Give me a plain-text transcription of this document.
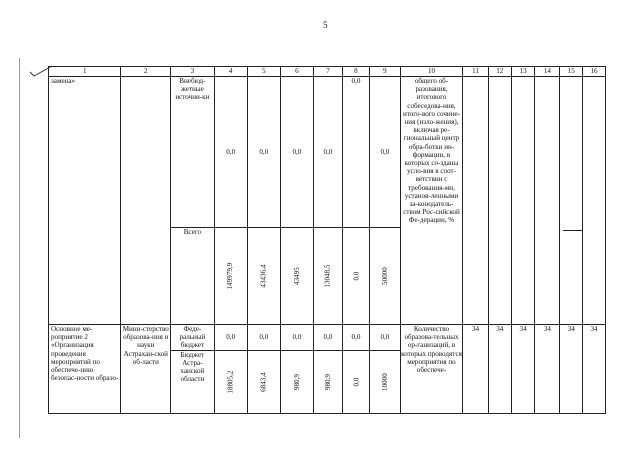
5
1	2	3	4	5	6	7	8	9	10	11	12	13	14	15	16
замена»		Внебюд-жетные источни-ки	0,0	0,0	0,0	0,0	0,0	0,0	общего об-разования, итогового собеседова-ния, итого-вого сочине-ния (изло-жения), включая ре-гиональный центр обра-ботки ин-формации, в которых со-зданы усло-вия в соот-ветствии с требования-ми, установ-ленными за-конодатель-ством Рос-сийской Фе-дерации, %						
		Всего	149979,9	43436,4	43495	13048,5	0,0	50000							

Основное ме-роприятие 2 «Организация проведения мероприятий по обеспече-нию безопас-ности образо-	Мини-стерство образова-ния и науки Астрахан-ской об-ласти	Феде-ральный бюджет	0,0	0,0	0,0	0,0	0,0	0,0	Количество образова-тельных ор-ганизаций, в которых проводятся мероприятия по обеспече-	34	34	34	34	34	34
		Бюджет Астра-ханской области	18805,2	6843,4	980,9	980,9	0,0	10000							
